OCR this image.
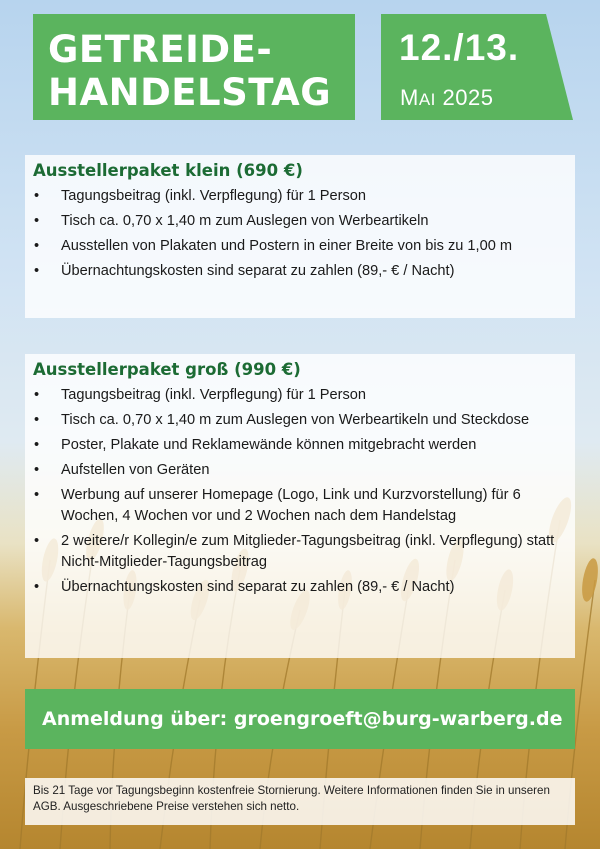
GETREIDE-
HANDELSTAG
12./13.
MAI 2025
Ausstellerpaket klein (690 €)
• Tagungsbeitrag (inkl. Verpflegung) für 1 Person
• Tisch ca. 0,70 x 1,40 m zum Auslegen von Werbeartikeln
• Ausstellen von Plakaten und Postern in einer Breite von bis zu 1,00 m
• Übernachtungskosten sind separat zu zahlen (89,- € / Nacht)
Ausstellerpaket groß (990 €)
• Tagungsbeitrag (inkl. Verpflegung) für 1 Person
• Tisch ca. 0,70 x 1,40 m zum Auslegen von Werbeartikeln und Steckdose
• Poster, Plakate und Reklamewände können mitgebracht werden
• Aufstellen von Geräten
• Werbung auf unserer Homepage (Logo, Link und Kurzvorstellung) für 6 Wochen, 4 Wochen vor und 2 Wochen nach dem Handelstag
• 2 weitere/r Kollegin/e zum Mitglieder-Tagungsbeitrag (inkl. Verpflegung) statt Nicht-Mitglieder-Tagungsbeitrag
• Übernachtungskosten sind separat zu zahlen (89,- € / Nacht)
Anmeldung über: groengroeft@burg-warberg.de
Bis 21 Tage vor Tagungsbeginn kostenfreie Stornierung. Weitere Informationen finden Sie in unseren AGB. Ausgeschriebene Preise verstehen sich netto.
